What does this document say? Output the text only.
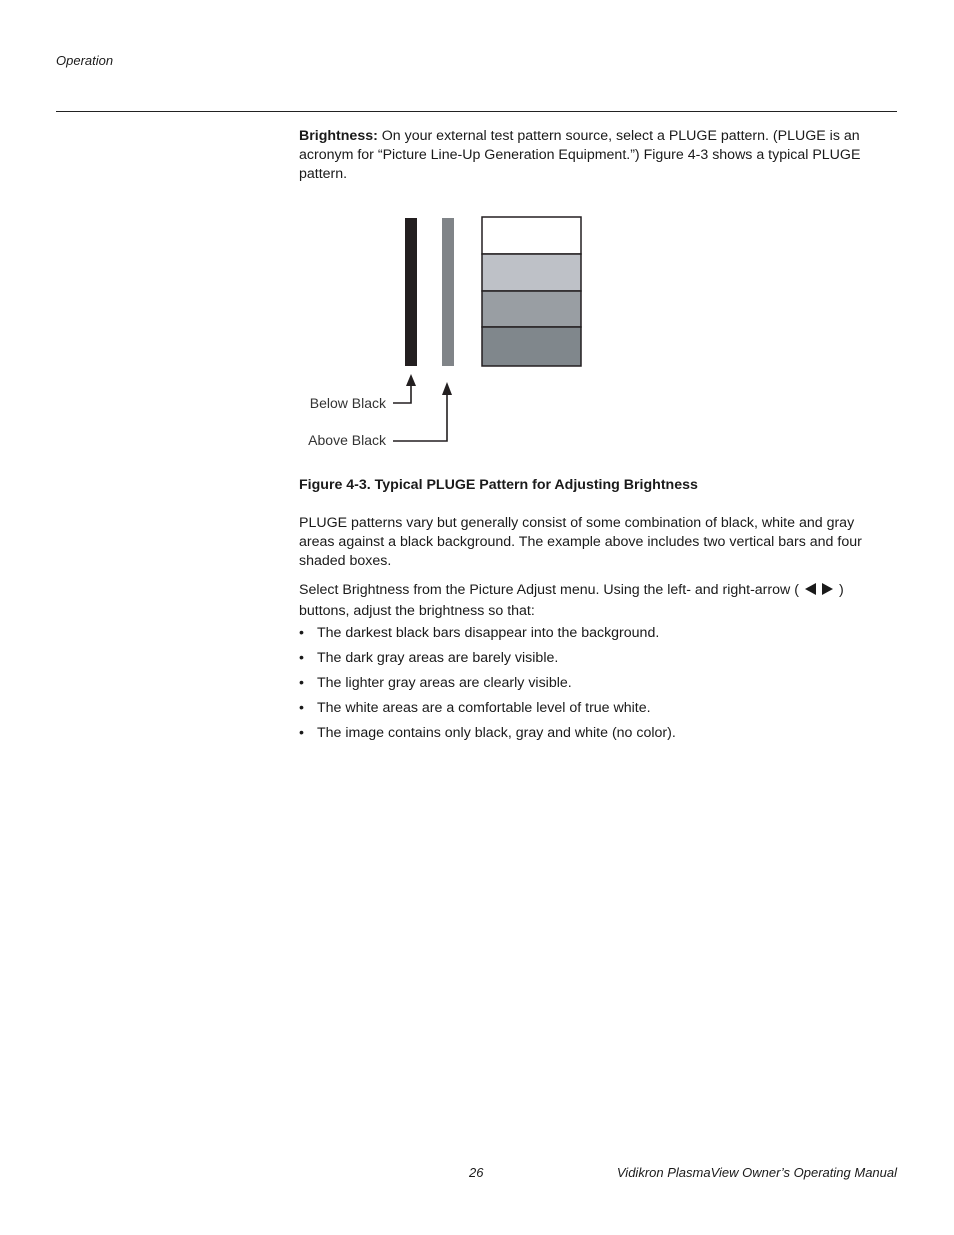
Operation
Brightness: On your external test pattern source, select a PLUGE pattern. (PLUGE is an acronym for “Picture Line-Up Generation Equipment.”) Figure 4-3 shows a typical PLUGE pattern.
Below Black
Above Black
Figure 4-3. Typical PLUGE Pattern for Adjusting Brightness
PLUGE patterns vary but generally consist of some combination of black, white and gray areas against a black background. The example above includes two vertical bars and four shaded boxes.
Select Brightness from the Picture Adjust menu. Using the left- and right-arrow (	) buttons, adjust the brightness so that:
• The darkest black bars disappear into the background.
• The dark gray areas are barely visible.
• The lighter gray areas are clearly visible.
• The white areas are a comfortable level of true white.
• The image contains only black, gray and white (no color).
26	Vidikron PlasmaView Owner’s Operating Manual
